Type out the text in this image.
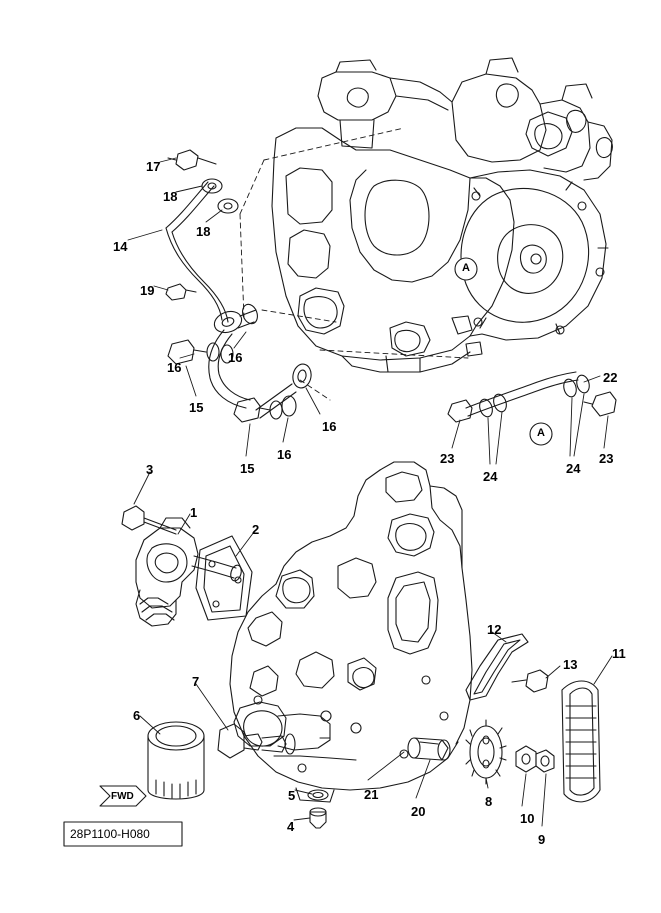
A
A
FWD
28P1100-H080
17
18
18
14
19
16
15
16
16
16
15
22
23
24
24
23
3
1
2
12
13
11
7
6
5
4
21
20
8
10
9
